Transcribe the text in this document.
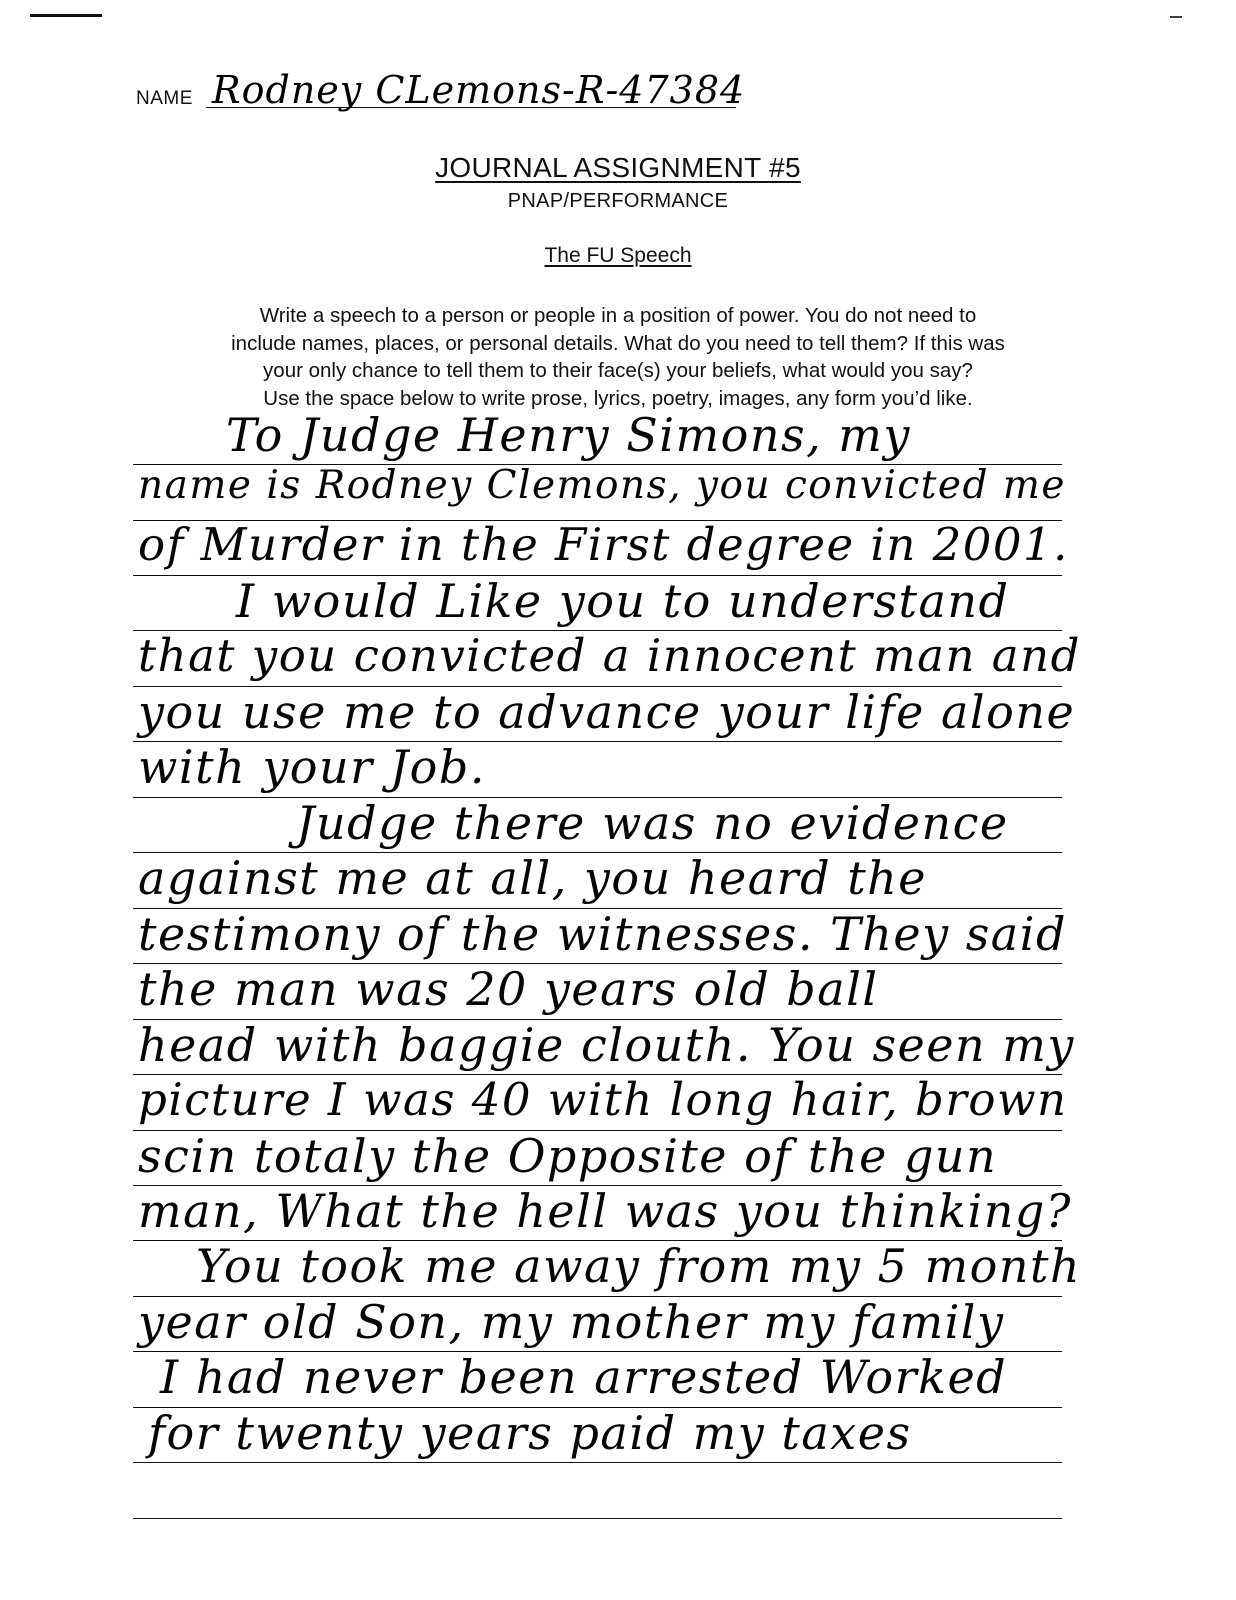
NAME Rodney CLemons-R-47384
JOURNAL ASSIGNMENT #5
PNAP/PERFORMANCE
The FU Speech
Write a speech to a person or people in a position of power. You do not need to
include names, places, or personal details. What do you need to tell them? If this was
your only chance to tell them to their face(s) your beliefs, what would you say?
Use the space below to write prose, lyrics, poetry, images, any form you’d like.
To Judge Henry Simons, my
name is Rodney Clemons, you convicted me
of Murder in the First degree in 2001.
I would Like you to understand
that you convicted a innocent man and
you use me to advance your life alone
with your Job.
Judge there was no evidence
against me at all, you heard the
testimony of the witnesses. They said
the man was 20 years old ball
head with baggie clouth. You seen my
picture I was 40 with long hair, brown
scin totaly the Opposite of the gun
man, What the hell was you thinking?
You took me away from my 5 month
year old Son, my mother my family
I had never been arrested Worked
for twenty years paid my taxes
